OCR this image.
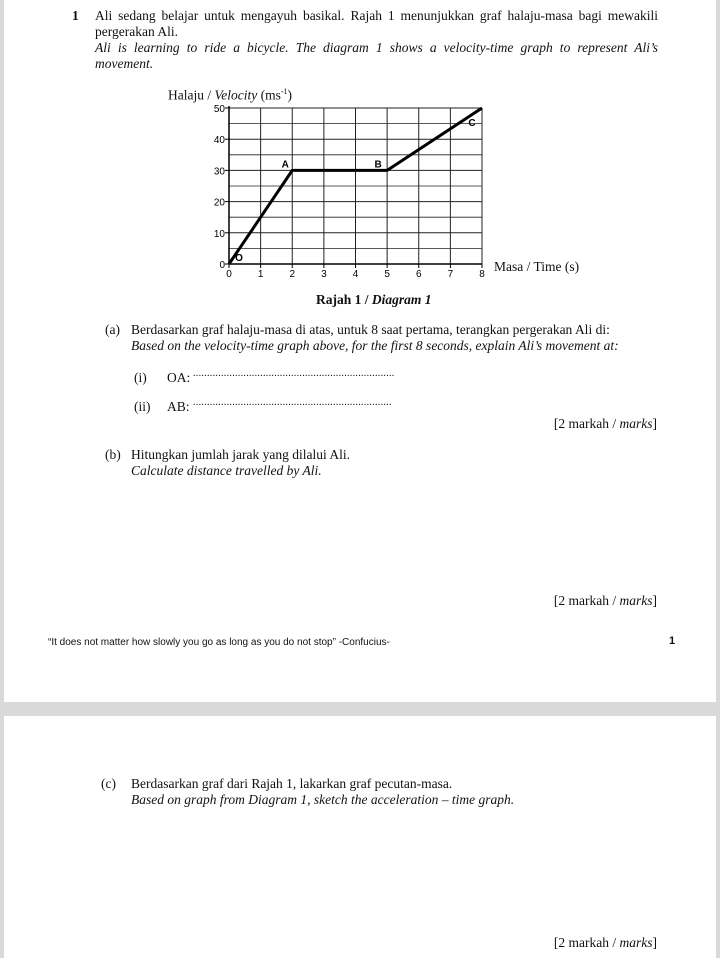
1 Ali sedang belajar untuk mengayuh basikal. Rajah 1 menunjukkan graf halaju-masa bagi mewakili
pergerakan Ali.
Ali is learning to ride a bicycle. The diagram 1 shows a velocity-time graph to represent Ali’s
movement.
Halaju / Velocity $(ms^{-1})$
0	1	2	3	4	5	6	7	8
0
10
20
30
40
50
O
A	B
C
Masa / Time (s)
Rajah 1 / Diagram 1
(a) Berdasarkan graf halaju-masa di atas, untuk 8 saat pertama, terangkan pergerakan Ali di:
Based on the velocity-time graph above, for the first 8 seconds, explain Ali’s movement at:
(i) OA: ........................................................................
(ii) AB: .......................................................................
[2 markah / marks]
(b) Hitungkan jumlah jarak yang dilalui Ali.
Calculate distance travelled by Ali.
[2 markah / marks]
“It does not matter how slowly you go as long as you do not stop” -Confucius-	1
(c) Berdasarkan graf dari Rajah 1, lakarkan graf pecutan-masa.
Based on graph from Diagram 1, sketch the acceleration – time graph.
[2 markah / marks]
